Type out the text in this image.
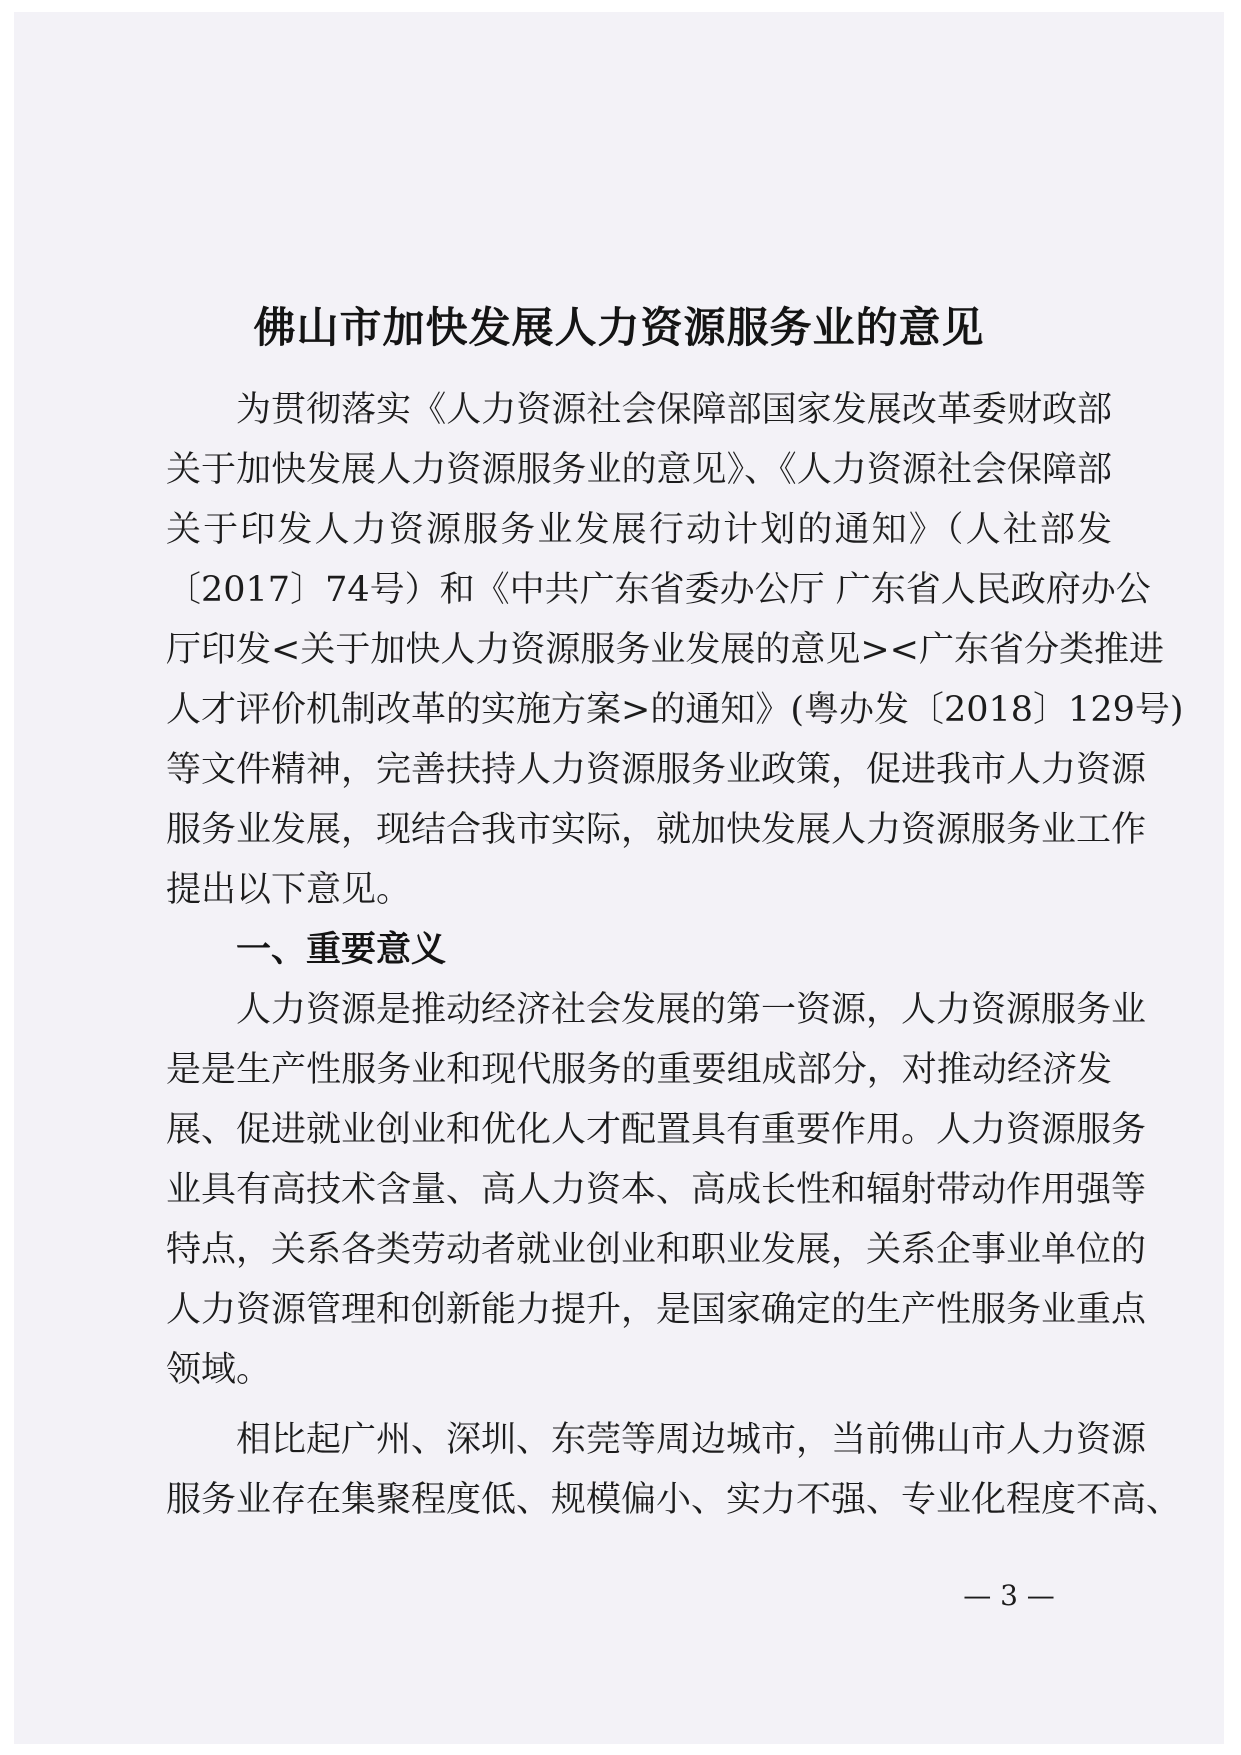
佛山市加快发展人力资源服务业的意见

为贯彻落实《人力资源社会保障部国家发展改革委财政部

关于加快发展人力资源服务业的意见》、《人力资源社会保障部

关于印发人力资源服务业发展行动计划的通知》（人社部发

〔2017〕74号）和《中共广东省委办公厅 广东省人民政府办公

厅印发<关于加快人力资源服务业发展的意见><广东省分类推进

人才评价机制改革的实施方案>的通知》(粤办发〔2018〕129号)

等文件精神，完善扶持人力资源服务业政策，促进我市人力资源

服务业发展，现结合我市实际，就加快发展人力资源服务业工作

提出以下意见。

一、重要意义

人力资源是推动经济社会发展的第一资源，人力资源服务业

是是生产性服务业和现代服务的重要组成部分，对推动经济发

展、促进就业创业和优化人才配置具有重要作用。人力资源服务

业具有高技术含量、高人力资本、高成长性和辐射带动作用强等

特点，关系各类劳动者就业创业和职业发展，关系企事业单位的

人力资源管理和创新能力提升，是国家确定的生产性服务业重点

领域。

相比起广州、深圳、东莞等周边城市，当前佛山市人力资源

服务业存在集聚程度低、规模偏小、实力不强、专业化程度不高、

— 3 —
